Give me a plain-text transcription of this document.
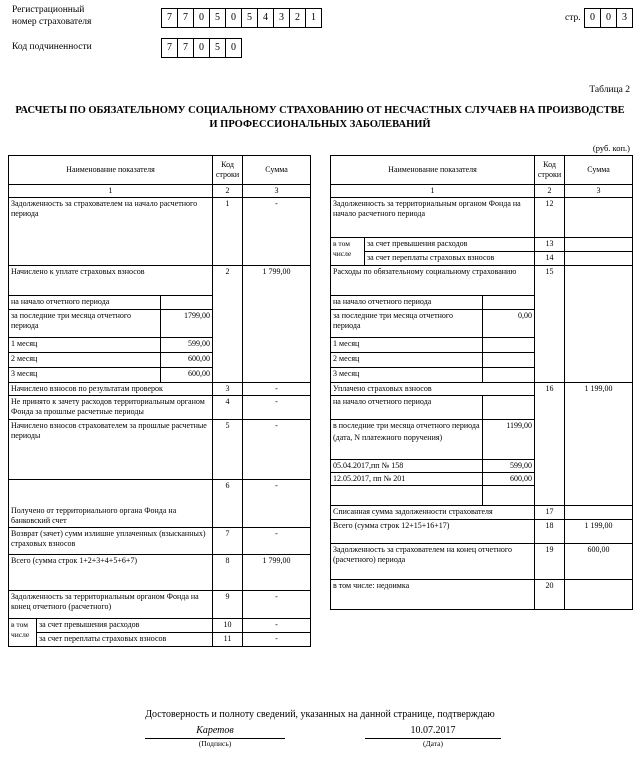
Регистрационный
номер страхователя	7	7	0	5	0	5	4	3	2	1	стр. 0	0	3
Код подчиненности	7	7	0	5	0
Таблица 2
РАСЧЕТЫ ПО ОБЯЗАТЕЛЬНОМУ СОЦИАЛЬНОМУ СТРАХОВАНИЮ ОТ НЕСЧАСТНЫХ СЛУЧАЕВ НА ПРОИЗВОДСТВЕ
И ПРОФЕССИОНАЛЬНЫХ ЗАБОЛЕВАНИЙ
(руб. коп.)
Наименование показателя			Код строки	Сумма
1			2	3
Задолженность за страхователем на начало расчетного периода			1	-
Начислено к уплате страховых взносов			2	1 799,00
на начало отчетного периода				
за последние три месяца отчетного периода		1799,00		
1 месяц		599,00		
2 месяц		600,00		
3 месяц		600,00		
Начислено взносов по результатам проверок			3	-
Не принято к зачету расходов территориальным органом Фонда за прошлые расчетные периоды			4	-
Начислено взносов страхователем за прошлые расчетные периоды			5	-
Получено от территориального органа Фонда на банковский счет			6	-
Возврат (зачет) сумм излишне уплаченных (взысканных) страховых взносов			7	-
Всего (сумма строк 1+2+3+4+5+6+7)			8	1 799,00
Задолженность за территориальным органом Фонда на конец отчетного (расчетного)			9	-
в том числе	за счет превышения расходов		10	-
	за счет переплаты страховых взносов		11	-
Наименование показателя			Код строки	Сумма
1			2	3
Задолженность за территориальным органом Фонда на начало расчетного периода			12	
в том числе	за счет превышения расходов		13	
	за счет переплаты страховых взносов		14	
Расходы по обязательному социальному страхованию			15	
на начало отчетного периода				
за последние три месяца отчетного периода		0,00		
1 месяц				
2 месяц				
3 месяц				
Уплачено страховых взносов			16	1 199,00
на начало отчетного периода				

в последние три месяца отчетного периода
(дата, N платежного поручения)		1199,00		
05.04.2017,пп № 158		599,00		
12.05.2017, пп № 201		600,00		

Списанная сумма задолженности страхователя			17	
Всего (сумма строк 12+15+16+17)			18	1 199,00
Задолженность за страхователем на конец отчетного (расчетного) периода			19	600,00
в том числе: недоимка			20	
Достоверность и полноту сведений, указанных на данной странице, подтверждаю
Каретов
(Подпись)
10.07.2017
(Дата)
